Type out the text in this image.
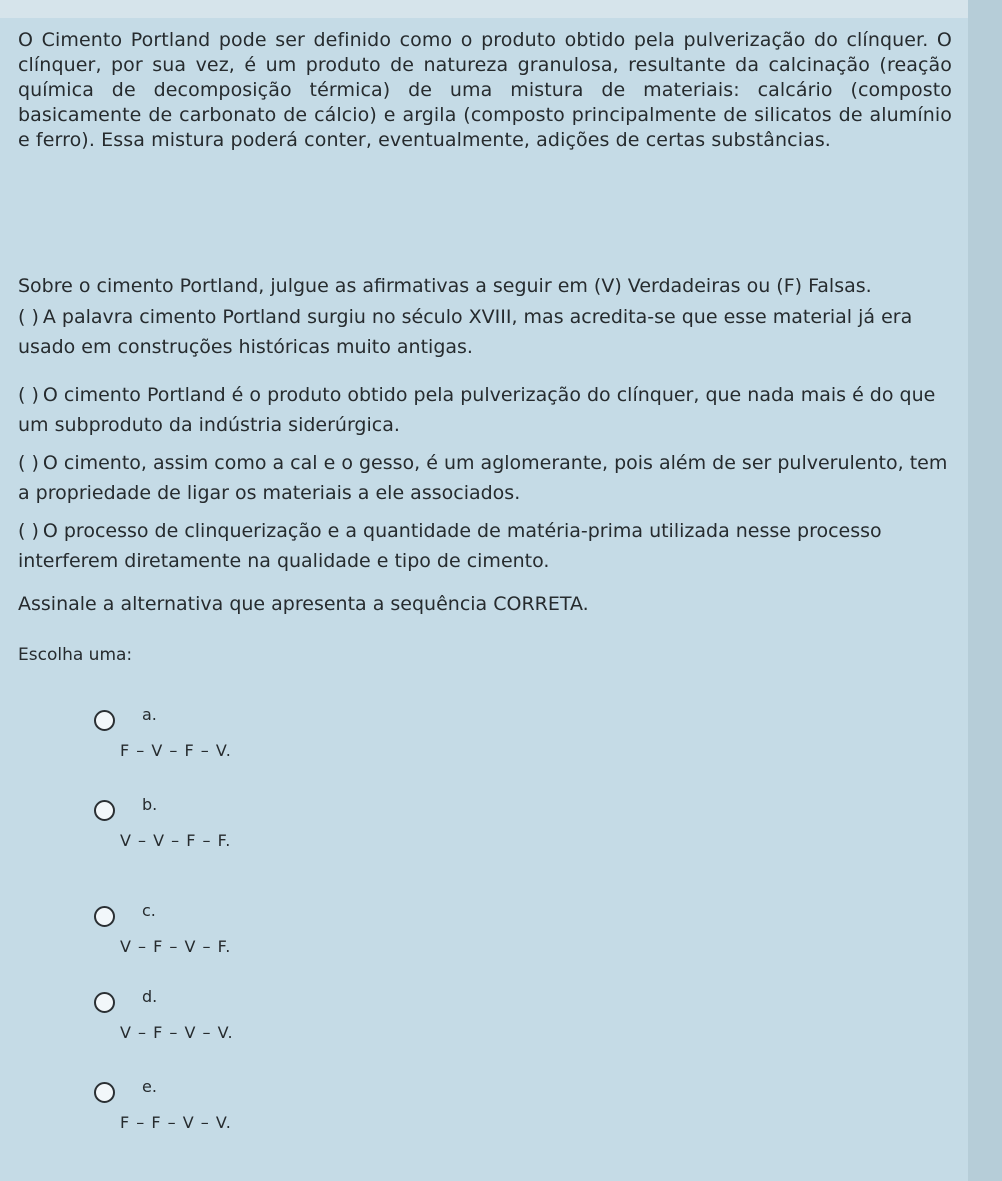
O Cimento Portland pode ser definido como o produto obtido pela pulverização do clínquer. O clínquer, por sua vez, é um produto de natureza granulosa, resultante da calcinação (reação química de decomposição térmica) de uma mistura de materiais: calcário (composto basicamente de carbonato de cálcio) e argila (composto principalmente de silicatos de alumínio e ferro). Essa mistura poderá conter, eventualmente, adições de certas substâncias.
Sobre o cimento Portland, julgue as afirmativas a seguir em (V) Verdadeiras ou (F) Falsas.
( ) A palavra cimento Portland surgiu no século XVIII, mas acredita-se que esse material já era usado em construções históricas muito antigas.
( ) O cimento Portland é o produto obtido pela pulverização do clínquer, que nada mais é do que um subproduto da indústria siderúrgica.
( ) O cimento, assim como a cal e o gesso, é um aglomerante, pois além de ser pulverulento, tem a propriedade de ligar os materiais a ele associados.
( ) O processo de clinquerização e a quantidade de matéria-prima utilizada nesse processo interferem diretamente na qualidade e tipo de cimento.
Assinale a alternativa que apresenta a sequência CORRETA.
Escolha uma:
a.
F – V – F – V.
b.
V – V – F – F.
c.
V – F – V – F.
d.
V – F – V – V.
e.
F – F – V – V.
